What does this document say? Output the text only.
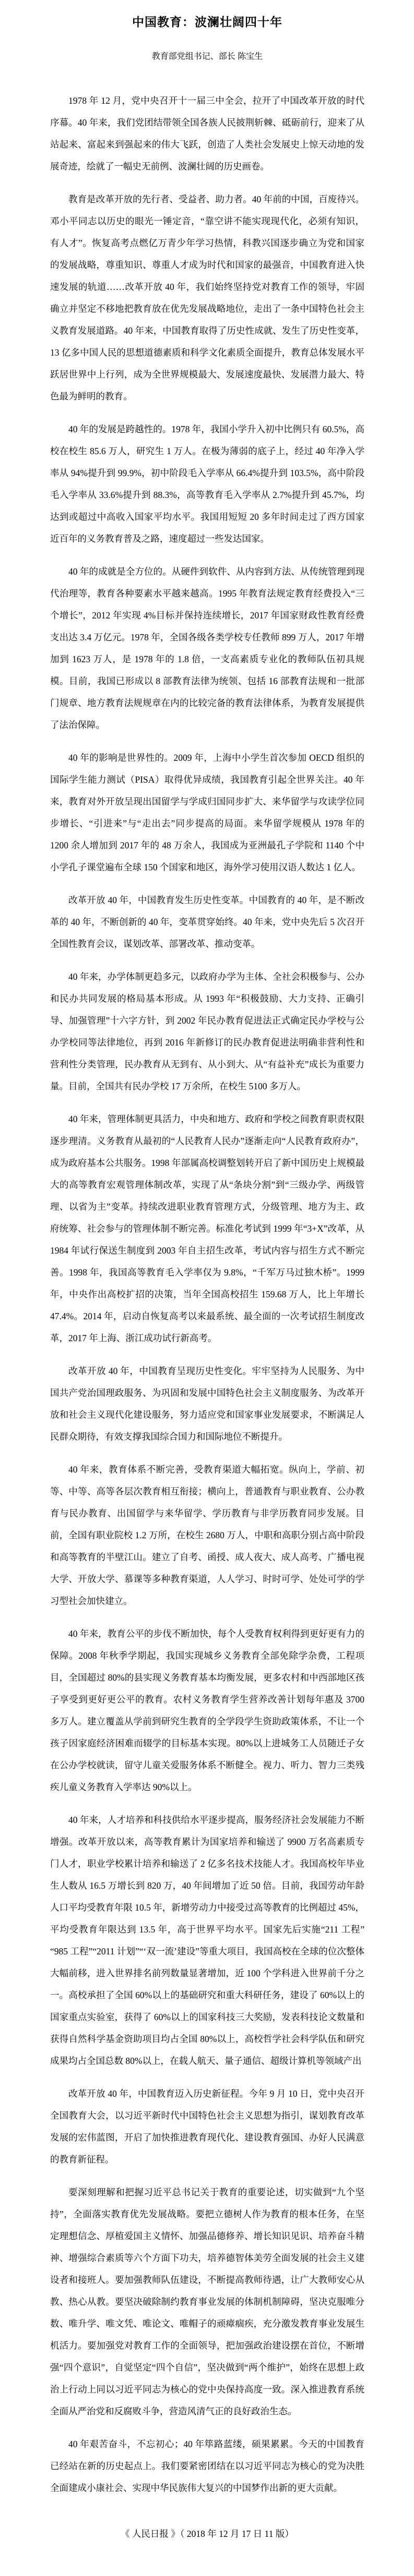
中国教育：波澜壮阔四十年
教育部党组书记、部长 陈宝生

1978 年 12 月，党中央召开十一届三中全会，拉开了中国改革开放的时代序幕。40 年来，我们党团结带领全国各族人民披荆斩棘、砥砺前行，迎来了从站起来、富起来到强起来的伟大飞跃，创造了人类社会发展史上惊天动地的发展奇迹，绘就了一幅史无前例、波澜壮阔的历史画卷。

教育是改革开放的先行者、受益者、助力者。40 年前的中国，百废待兴。邓小平同志以历史的眼光一锤定音，“靠空讲不能实现现代化，必须有知识，有人才”。恢复高考点燃亿万青少年学习热情，科教兴国逐步确立为党和国家的发展战略，尊重知识、尊重人才成为时代和国家的最强音，中国教育进入快速发展的轨道……改革开放 40 年，我们始终坚持党对教育工作的领导，牢固确立并坚定不移地把教育放在优先发展战略地位，走出了一条中国特色社会主义教育发展道路。40 年来，中国教育取得了历史性成就、发生了历史性变革，13 亿多中国人民的思想道德素质和科学文化素质全面提升，教育总体发展水平跃居世界中上行列，成为全世界规模最大、发展速度最快、发展潜力最大、特色最为鲜明的教育。

40 年的发展是跨越性的。1978 年，我国小学升入初中比例只有 60.5%，高校在校生 85.6 万人，研究生 1 万人。在极为薄弱的底子上，经过 40 年净入学率从 94%提升到 99.9%，初中阶段毛入学率从 66.4%提升到 103.5%，高中阶段毛入学率从 33.6%提升到 88.3%，高等教育毛入学率从 2.7%提升到 45.7%，均达到或超过中高收入国家平均水平。我国用短短 20 多年时间走过了西方国家近百年的义务教育普及之路，速度超过一些发达国家。

40 年的成就是全方位的。从硬件到软件、从内容到方法、从传统管理到现代治理等，教育各种要素水平越来越高。1995 年教育法规定教育经费投入“三个增长”，2012 年实现 4%目标并保持连续增长，2017 年国家财政性教育经费支出达 3.4 万亿元。1978 年，全国各级各类学校专任教师 899 万人，2017 年增加到 1623 万人，是 1978 年的 1.8 倍，一支高素质专业化的教师队伍初具规模。目前，我国已形成以 8 部教育法律为统领、包括 16 部教育法规和一批部门规章、地方教育法规规章在内的比较完备的教育法律体系，为教育发展提供了法治保障。

40 年的影响是世界性的。2009 年，上海中小学生首次参加 OECD 组织的国际学生能力测试（PISA）取得优异成绩，我国教育引起全世界关注。40 年来，教育对外开放呈现出国留学与学成归国同步扩大、来华留学与攻读学位同步增长、“引进来”与“走出去”同步提高的局面。来华留学规模从 1978 年的 1200 余人增加到 2017 年的 48 万余人，我国成为亚洲最孔子学院和 1140 个中小学孔子课堂遍布全球 150 个国家和地区，海外学习使用汉语人数达 1 亿人。

改革开放 40 年，中国教育发生历史性变革。中国教育的 40 年，是不断改革的 40 年，不断创新的 40 年，变革贯穿始终。40 年来，党中央先后 5 次召开全国性教育会议，谋划改革、部署改革、推动变革。

40 年来，办学体制更趋多元，以政府办学为主体、全社会积极参与、公办和民办共同发展的格局基本形成。从 1993 年“积极鼓励、大力支持、正确引导、加强管理”十六字方针，到 2002 年民办教育促进法正式确定民办学校与公办学校同等法律地位，再到 2016 年新修订的民办教育促进法明确非营利性和营利性分类管理，民办教育从无到有、从小到大、从“有益补充”成长为重要力量。目前，全国共有民办学校 17 万余所，在校生 5100 多万人。

40 年来，管理体制更具活力，中央和地方、政府和学校之间教育职责权限逐步理清。义务教育从最初的“人民教育人民办”逐渐走向“人民教育政府办”，成为政府基本公共服务。1998 年部属高校调整划转开启了新中国历史上规模最大的高等教育宏观管理体制改革，实现了从“条块分割”到“三级办学、两级管理、以省为主”变革。持续改进职业教育管理方式，分级管理、地方为主、政府统筹、社会参与的管理体制不断完善。标准化考试到 1999 年“3+X”改革，从 1984 年试行保送生制度到 2003 年自主招生改革，考试内容与招生方式不断完善。1998 年，我国高等教育毛入学率仅为 9.8%，“千军万马过独木桥”。1999 年，中央作出高校扩招的决策，当年全国高校招生 159.68 万人，比上年增长 47.4%。2014 年，启动自恢复高考以来最系统、最全面的一次考试招生制度改革，2017 年上海、浙江成功试行新高考。

改革开放 40 年，中国教育呈现历史性变化。牢牢坚持为人民服务、为中国共产党治国理政服务、为巩固和发展中国特色社会主义制度服务、为改革开放和社会主义现代化建设服务，努力适应党和国家事业发展要求，不断满足人民群众期待，有效支撑我国综合国力和国际地位不断提升。

40 年来，教育体系不断完善，受教育渠道大幅拓宽。纵向上，学前、初等、中等、高等各层次教育相互衔接；横向上，普通教育与职业教育、公办教育与民办教育、出国留学与来华留学、学历教育与非学历教育同步发展。目前，全国有职业院校 1.2 万所，在校生 2680 万人，中职和高职分别占高中阶段和高等教育的半壁江山。建立了自考、函授、成人夜大、成人高考、广播电视大学、开放大学、慕课等多种教育渠道，人人学习、时时可学、处处可学的学习型社会加快建立。

40 年来，教育公平的步伐不断加快，每个人受教育权利得到更好更有力的保障。2008 年秋季学期起，我国实现城乡义务教育全部免除学杂费，工程项目，全国超过 80%的县实现义务教育基本均衡发展，更多农村和中西部地区孩子享受到更好更公平的教育。农村义务教育学生营养改善计划每年惠及 3700 多万人。建立覆盖从学前到研究生教育的全学段学生资助政策体系，不让一个孩子因家庭经济困难而辍学的目标基本实现。80%以上进城务工人员随迁子女在公办学校就读，留守儿童关爱服务体系不断健全。视力、听力、智力三类残疾儿童义务教育入学率达 90%以上。

40 年来，人才培养和科技供给水平逐步提高，服务经济社会发展能力不断增强。改革开放以来，高等教育累计为国家培养和输送了 9900 万名高素质专门人才，职业学校累计培养和输送了 2 亿多名技术技能人才。我国高校年毕业生人数从 16.5 万增长到 820 万，40 年间增加了近 50 倍。目前，我国劳动年龄人口平均受教育年限 10.5 年，新增劳动力中接受过高等教育的比例超过 45%，平均受教育年限达到 13.5 年，高于世界平均水平。国家先后实施“211 工程”“985 工程”“2011 计划”“‘双一流’建设”等重大项目，我国高校在全球的位次整体大幅前移，进入世界排名前列数量显著增加，近 100 个学科进入世界前千分之一。高校承担了全国 60%以上的基础研究和重大科研任务，建设了 60%以上的国家重点实验室，获得了 60%以上的国家科技三大奖励，发表科技论文数量和获得自然科学基金资助项目均占全国 80%以上，高校哲学社会科学队伍和研究成果均占全国总数 80%以上，在载人航天、量子通信、超级计算机等领域产出

改革开放 40 年，中国教育迈入历史新征程。今年 9 月 10 日，党中央召开全国教育大会，以习近平新时代中国特色社会主义思想为指引，谋划教育改革发展的宏伟蓝图，开启了加快推进教育现代化、建设教育强国、办好人民满意的教育新征程。

要深刻理解和把握习近平总书记关于教育的重要论述，切实做到“九个坚持”，全面落实教育优先发展战略。要把立德树人作为教育的根本任务，在坚定理想信念、厚植爱国主义情怀、加强品德修养、增长知识见识、培养奋斗精神、增强综合素质等六个方面下功夫，培养德智体美劳全面发展的社会主义建设者和接班人。要加强教师队伍建设，不断提高教师待遇，让广大教师安心从教、热心从教。要坚决破除制约教育事业发展的体制机制障碍，坚决克服唯分数、唯升学、唯文凭、唯论文、唯帽子的顽瘴痼疾，充分激发教育事业发展生机活力。要加强党对教育工作的全面领导，把加强政治建设摆在首位，不断增强“四个意识”，自觉坚定“四个自信”，坚决做到“两个维护”，始终在思想上政治上行动上同以习近平同志为核心的党中央保持高度一致。深入推进教育系统全面从严治党和反腐败斗争，营造风清气正的良好政治生态。

40 年艰苦奋斗，不忘初心；40 年筚路蓝缕，硕果累累。今天的中国教育已经站在新的历史起点上。我们要紧密团结在以习近平同志为核心的党为决胜全面建成小康社会、实现中华民族伟大复兴的中国梦作出新的更大贡献。

《 人民日报 》（ 2018 年 12 月 17 日 11 版）
